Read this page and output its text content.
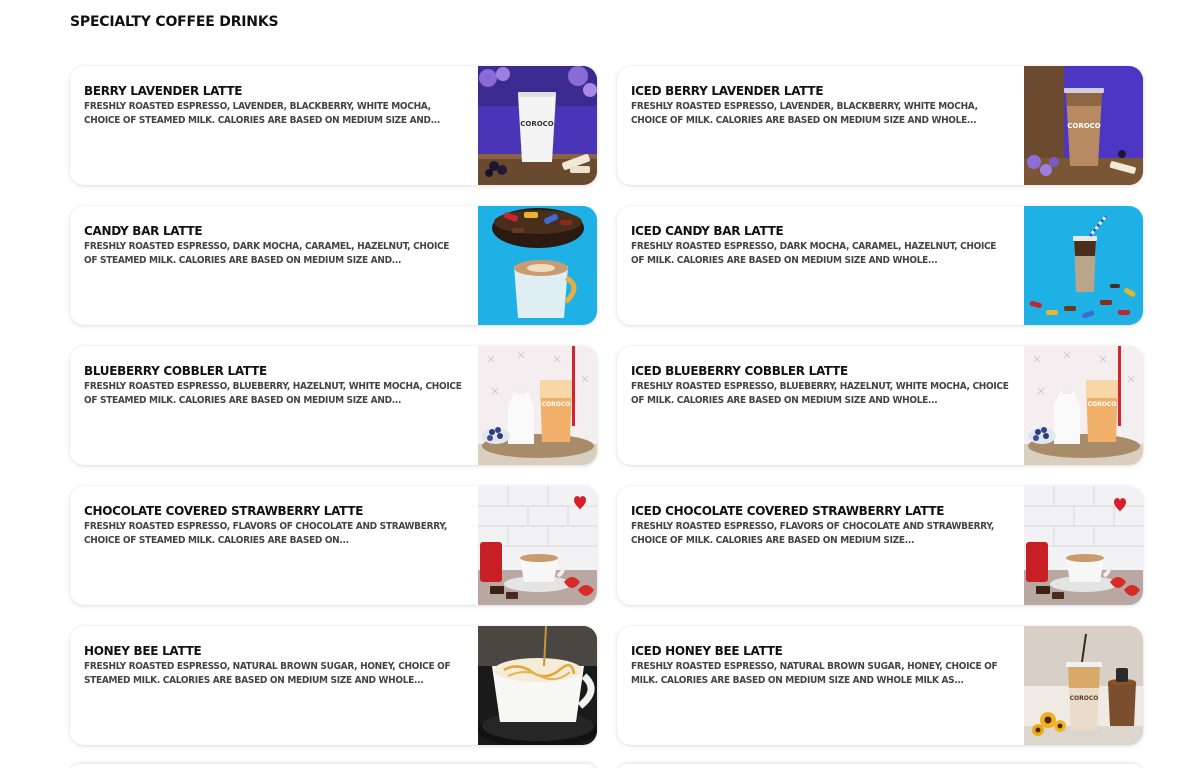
SPECIALTY COFFEE DRINKS
BERRY LAVENDER LATTE

FRESHLY ROASTED ESPRESSO, LAVENDER, BLACKBERRY, WHITE MOCHA, CHOICE OF STEAMED MILK. CALORIES ARE BASED ON MEDIUM SIZE AND...	COROCO
ICED BERRY LAVENDER LATTE

FRESHLY ROASTED ESPRESSO, LAVENDER, BLACKBERRY, WHITE MOCHA, CHOICE OF MILK. CALORIES ARE BASED ON MEDIUM SIZE AND WHOLE...	COROCO
CANDY BAR LATTE

FRESHLY ROASTED ESPRESSO, DARK MOCHA, CARAMEL, HAZELNUT, CHOICE OF STEAMED MILK. CALORIES ARE BASED ON MEDIUM SIZE AND...

ICED CANDY BAR LATTE

FRESHLY ROASTED ESPRESSO, DARK MOCHA, CARAMEL, HAZELNUT, CHOICE OF MILK. CALORIES ARE BASED ON MEDIUM SIZE AND WHOLE...

BLUEBERRY COBBLER LATTE

FRESHLY ROASTED ESPRESSO, BLUEBERRY, HAZELNUT, WHITE MOCHA, CHOICE OF STEAMED MILK. CALORIES ARE BASED ON MEDIUM SIZE AND...	COROCO
ICED BLUEBERRY COBBLER LATTE

FRESHLY ROASTED ESPRESSO, BLUEBERRY, HAZELNUT, WHITE MOCHA, CHOICE OF MILK. CALORIES ARE BASED ON MEDIUM SIZE AND WHOLE...	COROCO
CHOCOLATE COVERED STRAWBERRY LATTE

FRESHLY ROASTED ESPRESSO, FLAVORS OF CHOCOLATE AND STRAWBERRY, CHOICE OF STEAMED MILK. CALORIES ARE BASED ON...

ICED CHOCOLATE COVERED STRAWBERRY LATTE

FRESHLY ROASTED ESPRESSO, FLAVORS OF CHOCOLATE AND STRAWBERRY, CHOICE OF MILK. CALORIES ARE BASED ON MEDIUM SIZE...

HONEY BEE LATTE

FRESHLY ROASTED ESPRESSO, NATURAL BROWN SUGAR, HONEY, CHOICE OF STEAMED MILK. CALORIES ARE BASED ON MEDIUM SIZE AND WHOLE...

ICED HONEY BEE LATTE

FRESHLY ROASTED ESPRESSO, NATURAL BROWN SUGAR, HONEY, CHOICE OF MILK. CALORIES ARE BASED ON MEDIUM SIZE AND WHOLE MILK AS...

COROCO
